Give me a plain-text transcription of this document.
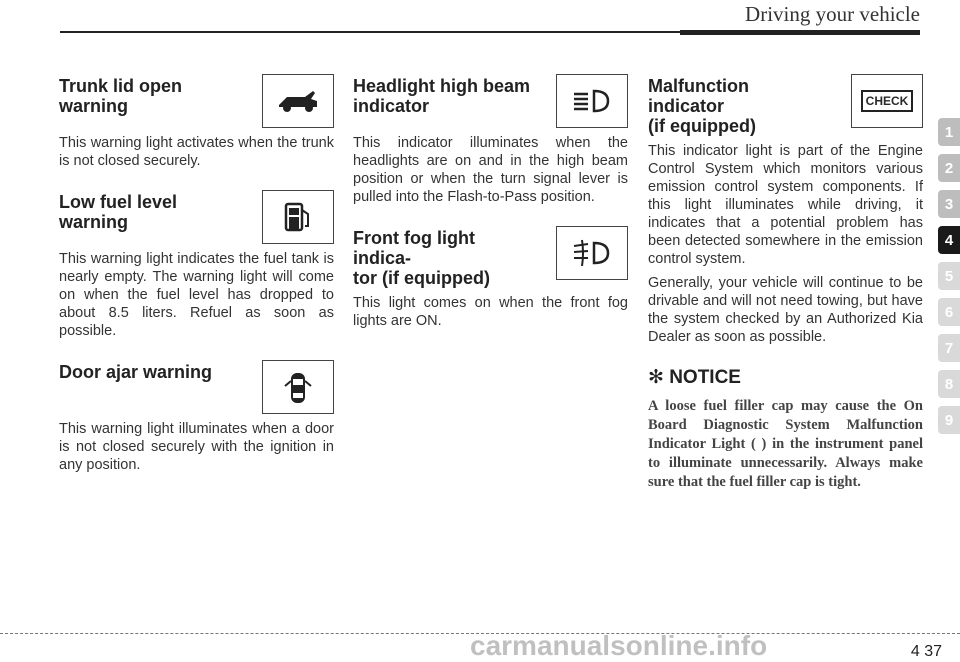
Driving your vehicle
Trunk lid open
warning

This warning light activates when the trunk is not closed securely.

Low fuel level
warning

This warning light indicates the fuel tank is nearly empty. The warning light will come on when the fuel level has dropped to about 8.5 liters. Refuel as soon as possible.

Door ajar warning

This warning light illuminates when a door is not closed securely with the ignition in any position.

Headlight high beam
indicator

This indicator illuminates when the headlights are on and in the high beam position or when the turn signal lever is pulled into the Flash-to-Pass position.

Front fog light indica-
tor (if equipped)

This light comes on when the front fog lights are ON.

Malfunction indicator
(if equipped)
CHECK

This indicator light is part of the Engine Control System which monitors various emission control system components. If this light illuminates while driving, it indicates that a potential problem has been detected somewhere in the emission control system.

Generally, your vehicle will continue to be drivable and will not need towing, but have the system checked by an Authorized Kia Dealer as soon as possible.

✻ NOTICE
A loose fuel filler cap may cause the On Board Diagnostic System Malfunction Indicator Light ( ) in the instrument panel to illuminate unnecessarily. Always make sure that the fuel filler cap is tight.
1
2
3
4
5
6
7
8
9
carmanualsonline.info	4 37
